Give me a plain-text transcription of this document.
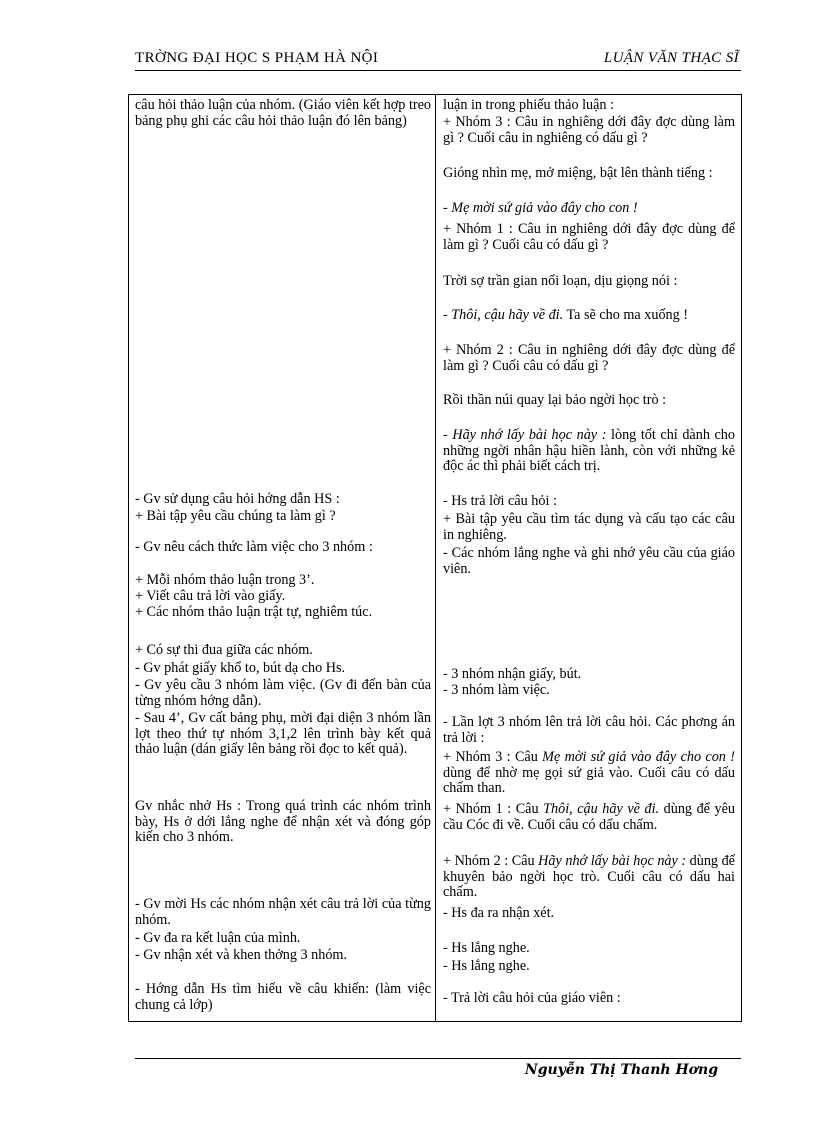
TRỜNG ĐẠI HỌC S PHẠM HÀ NỘI	LUẬN VĂN THẠC SĨ
câu hỏi thảo luận của nhóm. (Giáo viên kết hợp treo bảng phụ ghi các câu hỏi thảo luận đó lên bảng)
- Gv sử dụng câu hỏi hớng dẫn HS :
+ Bài tập yêu cầu chúng ta làm gì ?
- Gv nêu cách thức làm việc cho 3 nhóm :
+ Mỗi nhóm thảo luận trong 3’.
+ Viết câu trả lời vào giấy.
+ Các nhóm thảo luận trật tự, nghiêm túc.
+ Có sự thi đua giữa các nhóm.
- Gv phát giấy khổ to, bút dạ cho Hs.
- Gv yêu cầu 3 nhóm làm việc. (Gv đi đến bàn của từng nhóm hớng dẫn).
- Sau 4’, Gv cất bảng phụ, mời đại diện 3 nhóm lần lợt theo thứ tự nhóm 3,1,2 lên trình bày kết quả thảo luận (dán giấy lên bảng rồi đọc to kết quả).
Gv nhắc nhở Hs : Trong quá trình các nhóm trình bày, Hs ở dới lắng nghe để nhận xét và đóng góp kiến cho 3 nhóm.
- Gv mời Hs các nhóm nhận xét câu trả lời của từng nhóm.
- Gv đa ra kết luận của mình.
- Gv nhận xét và khen thởng 3 nhóm.
- Hớng dẫn Hs tìm hiểu về câu khiến: (làm việc chung cả lớp)
luận in trong phiếu thảo luận :
+ Nhóm 3 : Câu in nghiêng dới đây đợc dùng làm gì ? Cuối câu in nghiêng có dấu gì ?
Gióng nhìn mẹ, mở miệng, bật lên thành tiếng :
- Mẹ mời sứ giả vào đây cho con !
+ Nhóm 1 : Câu in nghiêng dới đây đợc dùng để làm gì ? Cuối câu có dấu gì ?
Trời sợ trần gian nổi loạn, dịu giọng nói :
- Thôi, cậu hãy về đi. Ta sẽ cho ma xuống !
+ Nhóm 2 : Câu in nghiêng dới đây đợc dùng để làm gì ? Cuối câu có dấu gì ?
Rồi thần núi quay lại bảo ngời học trò :
- Hãy nhớ lấy bài học này : lòng tốt chỉ dành cho những ngời nhân hậu hiền lành, còn với những kẻ độc ác thì phải biết cách trị.
- Hs trả lời câu hỏi :
+ Bài tập yêu cầu tìm tác dụng và cấu tạo các câu in nghiêng.
- Các nhóm lắng nghe và ghi nhớ yêu cầu của giáo viên.
- 3 nhóm nhận giấy, bút.
- 3 nhóm làm việc.
- Lần lợt 3 nhóm lên trả lời câu hỏi. Các phơng án trả lời :
+ Nhóm 3 : Câu Mẹ mời sứ giả vào đây cho con ! dùng để nhờ mẹ gọi sứ giả vào. Cuối câu có dấu chấm than.
+ Nhóm 1 : Câu Thôi, cậu hãy về đi. dùng để yêu cầu Cóc đi về. Cuối câu có dấu chấm.
+ Nhóm 2 : Câu Hãy nhớ lấy bài học này : dùng để khuyên bảo ngời học trò. Cuối câu có dấu hai chấm.
- Hs đa ra nhận xét.
- Hs lắng nghe.
- Hs lắng nghe.
- Trả lời câu hỏi của giáo viên :
Nguyễn Thị Thanh Hơng
